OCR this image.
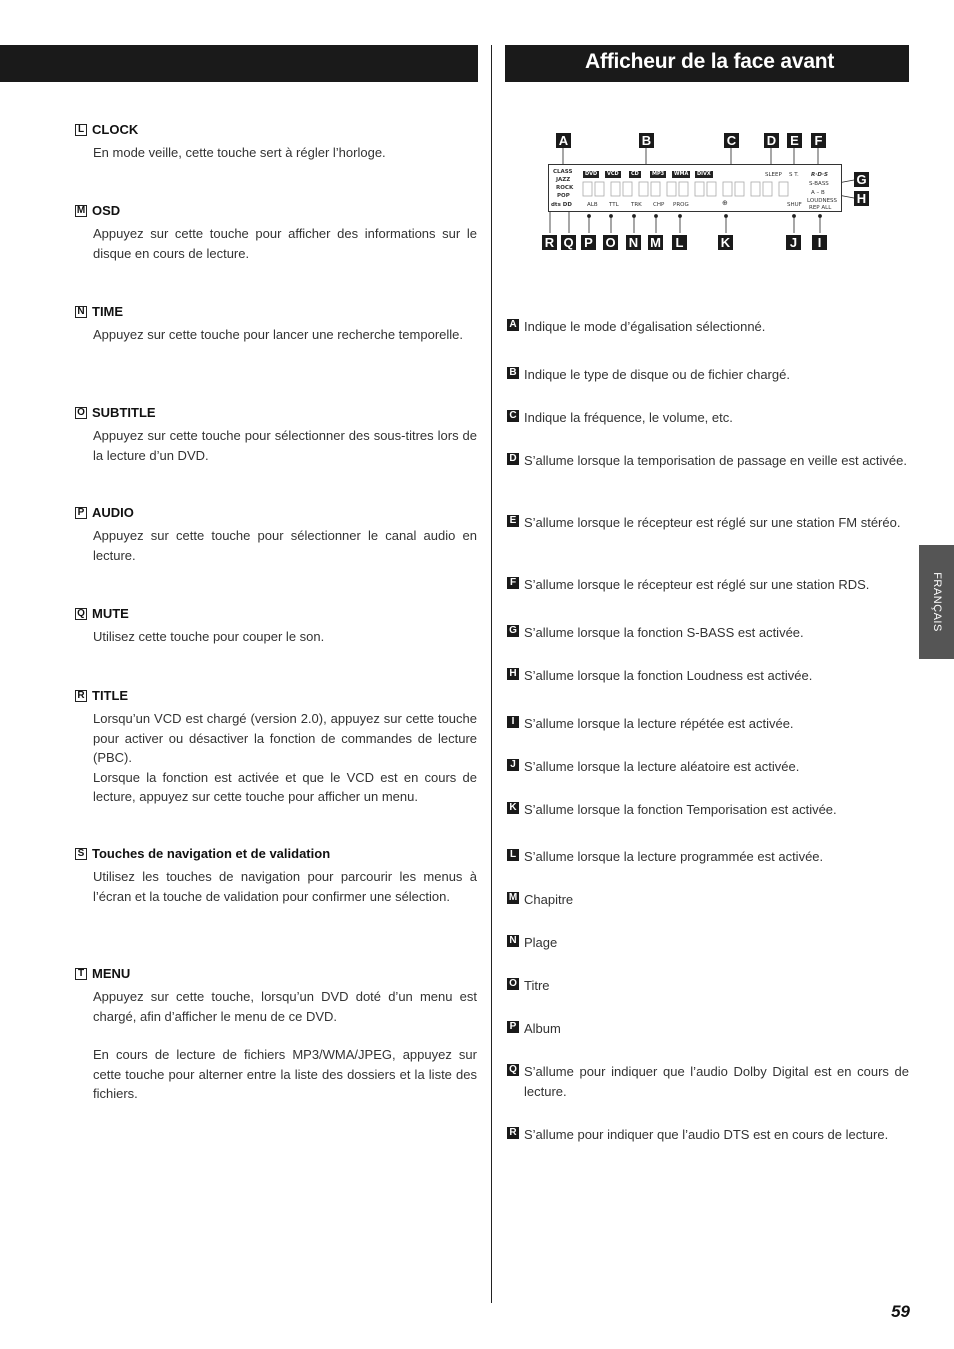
Afficheur de la face avant
L CLOCK

En mode veille, cette touche sert à régler l’horloge.

M OSD

Appuyez sur cette touche pour afficher des informations sur le disque en cours de lecture.

N TIME

Appuyez sur cette touche pour lancer une recherche temporelle.

O SUBTITLE

Appuyez sur cette touche pour sélectionner des sous-titres lors de la lecture d’un DVD.

P AUDIO

Appuyez sur cette touche pour sélectionner le canal audio en lecture.

Q MUTE

Utilisez cette touche pour couper le son.

R TITLE

Lorsqu’un VCD est chargé (version 2.0), appuyez sur cette touche pour activer ou désactiver la fonction de commandes de lecture (PBC).

Lorsque la fonction est activée et que le VCD est en cours de lecture, appuyez sur cette touche pour afficher un menu.

S Touches de navigation et de validation

Utilisez les touches de navigation pour parcourir les menus à l’écran et la touche de validation pour confirmer une sélection.

T MENU

Appuyez sur cette touche, lorsqu’un DVD doté d’un menu est chargé, afin d’afficher le menu de ce DVD.

En cours de lecture de fichiers MP3/WMA/JPEG, appuyez sur cette touche pour alterner entre la liste des dossiers et la liste des fichiers.

A	B	C D E F
G
H
CLASS
JAZZ
ROCK
POP
dts DD
DVD	VCD	CD	MP3	WMA	DIVX	SLEEP S T. R·D·S
S-BASS
A – B
LOUDNESS
ALB TTL TRK CHP PROG	⊕	SHUF REP ALL
R Q P O N M L	K	J	I
A Indique le mode d’égalisation sélectionné.
B Indique le type de disque ou de fichier chargé.
C Indique la fréquence, le volume, etc.
D S’allume lorsque la temporisation de passage en veille est activée.
E S’allume lorsque le récepteur est réglé sur une station FM stéréo.
F S’allume lorsque le récepteur est réglé sur une station RDS.
G S’allume lorsque la fonction S-BASS est activée.
H S’allume lorsque la fonction Loudness est activée.
I S’allume lorsque la lecture répétée est activée.
J S’allume lorsque la lecture aléatoire est activée.
K S’allume lorsque la fonction Temporisation est activée.
L S’allume lorsque la lecture programmée est activée.
M Chapitre
N Plage
O Titre
P Album
Q S’allume pour indiquer que l’audio Dolby Digital est en cours de lecture.
R S’allume pour indiquer que l’audio DTS est en cours de lecture.
FRANÇAIS
59
